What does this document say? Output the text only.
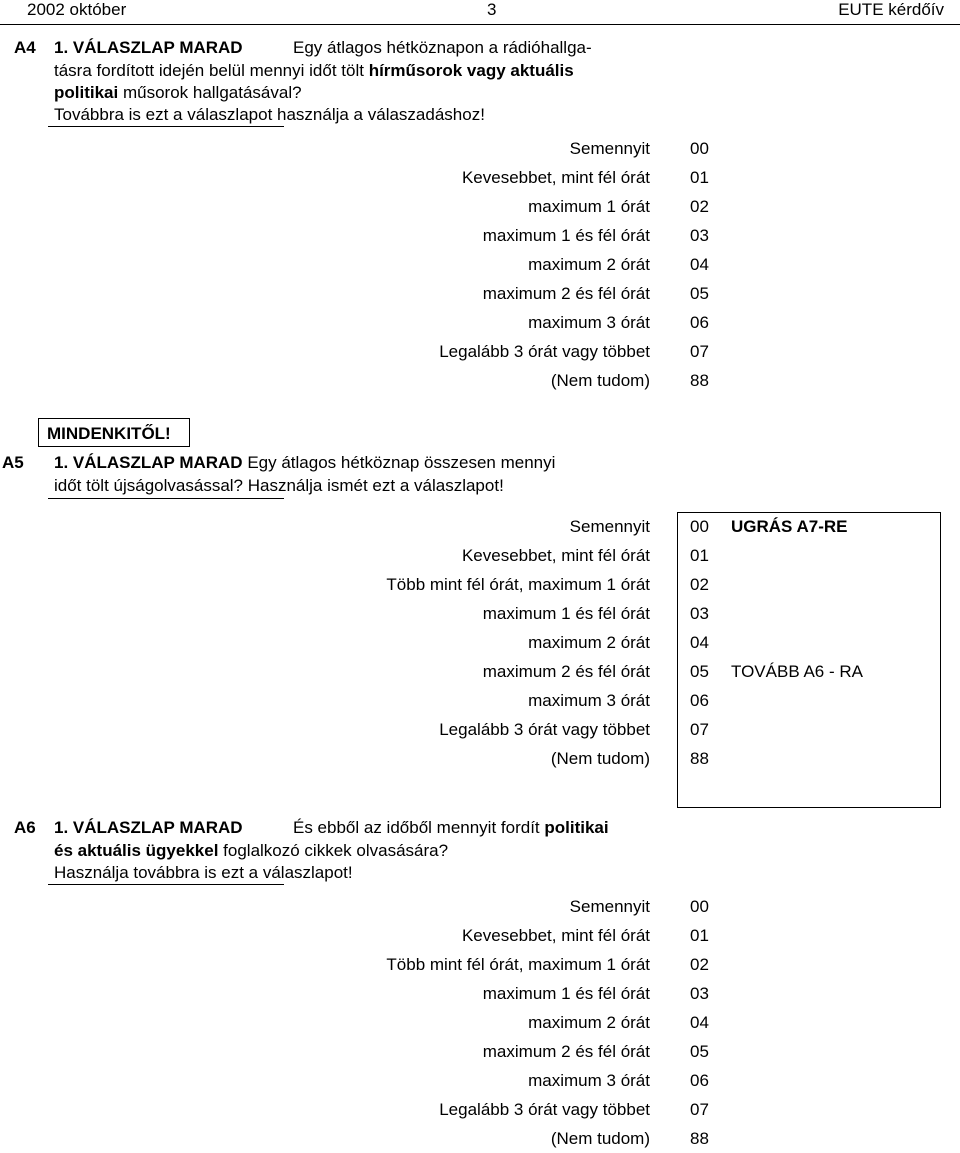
2002 október	3	EUTE kérdőív
A4 1. VÁLASZLAP MARAD	Egy átlagos hétköznapon a rádióhallga-
tásra fordított idején belül mennyi időt tölt hírműsorok vagy aktuális
politikai műsorok hallgatásával?
Továbbra is ezt a válaszlapot használja a válaszadáshoz!
Semennyit 00
Kevesebbet, mint fél órát 01
maximum 1 órát 02
maximum 1 és fél órát 03
maximum 2 órát 04
maximum 2 és fél órát 05
maximum 3 órát 06
Legalább 3 órát vagy többet 07
(Nem tudom) 88
MINDENKITŐL!
A5 1. VÁLASZLAP MARAD Egy átlagos hétköznap összesen mennyi
időt tölt újságolvasással? Használja ismét ezt a válaszlapot!
Semennyit 00 UGRÁS A7-RE
Kevesebbet, mint fél órát 01
Több mint fél órát, maximum 1 órát 02
maximum 1 és fél órát 03
maximum 2 órát 04
maximum 2 és fél órát 05 TOVÁBB A6 - RA
maximum 3 órát 06
Legalább 3 órát vagy többet 07
(Nem tudom) 88
A6 1. VÁLASZLAP MARAD	És ebből az időből mennyit fordít politikai
és aktuális ügyekkel foglalkozó cikkek olvasására?
Használja továbbra is ezt a válaszlapot!
Semennyit 00
Kevesebbet, mint fél órát 01
Több mint fél órát, maximum 1 órát 02
maximum 1 és fél órát 03
maximum 2 órát 04
maximum 2 és fél órát 05
maximum 3 órát 06
Legalább 3 órát vagy többet 07
(Nem tudom) 88
